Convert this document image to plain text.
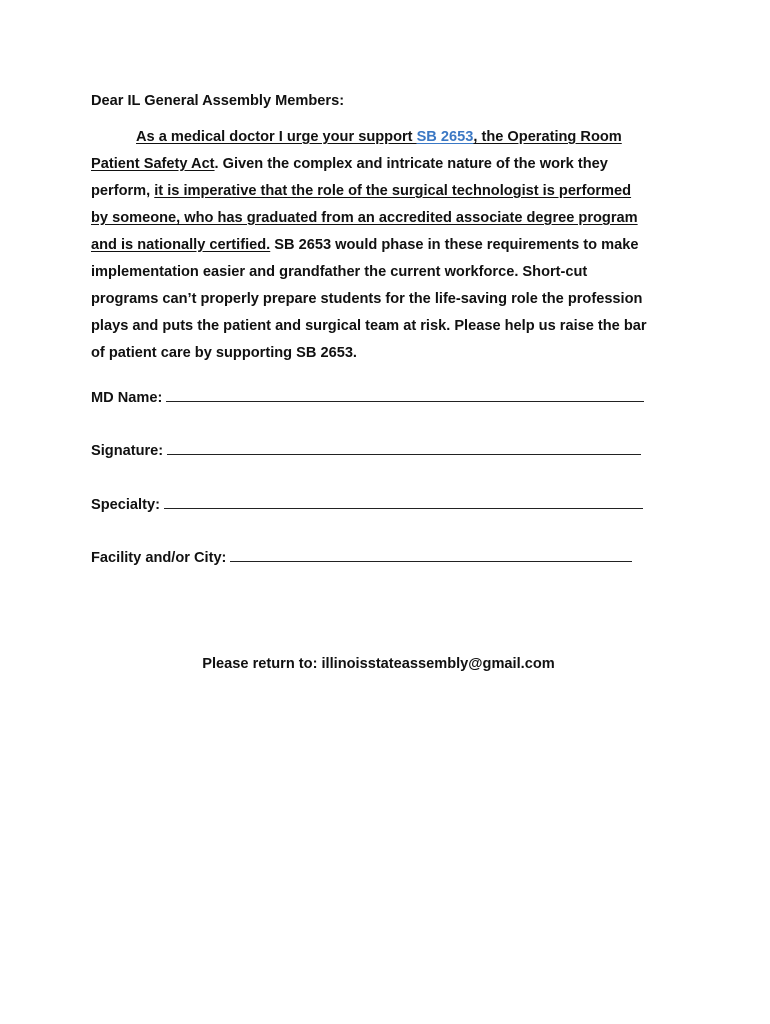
Dear IL General Assembly Members:
As a medical doctor I urge your support SB 2653, the Operating Room
Patient Safety Act. Given the complex and intricate nature of the work they
perform, it is imperative that the role of the surgical technologist is performed
by someone, who has graduated from an accredited associate degree program
and is nationally certified. SB 2653 would phase in these requirements to make
implementation easier and grandfather the current workforce. Short-cut
programs can’t properly prepare students for the life-saving role the profession
plays and puts the patient and surgical team at risk. Please help us raise the bar
of patient care by supporting SB 2653.
MD Name:
Signature:
Specialty:
Facility and/or City:
Please return to: illinoisstateassembly@gmail.com
